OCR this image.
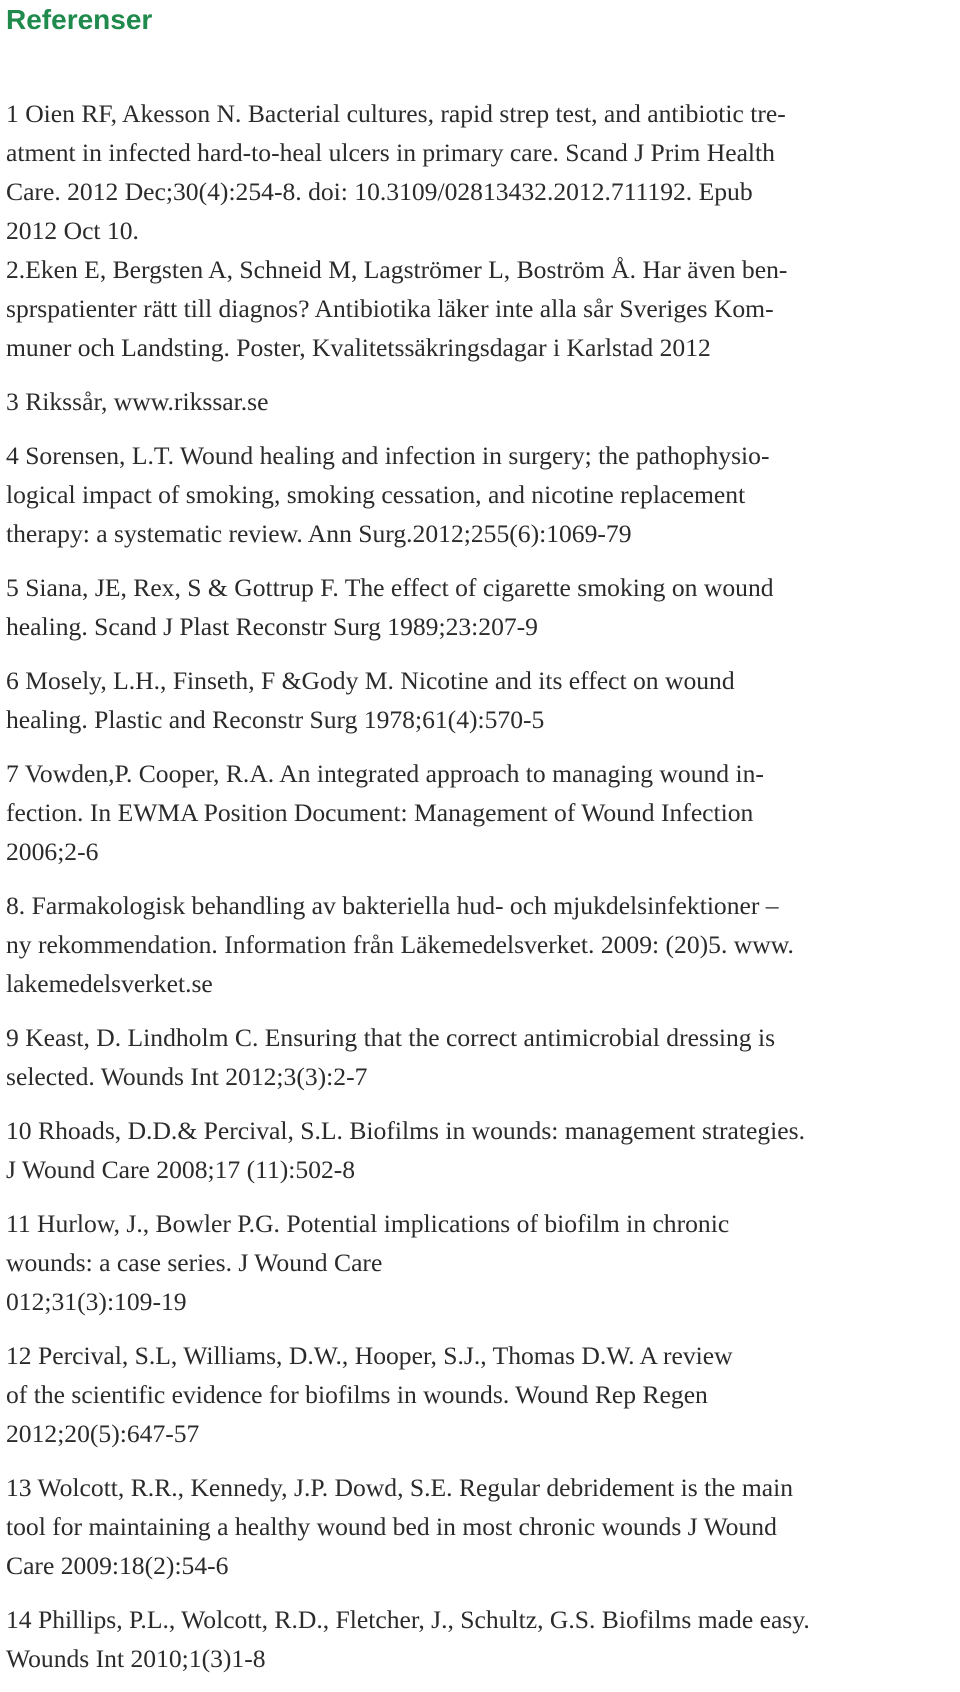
Referenser

1 Oien RF, Akesson N. Bacterial cultures, rapid strep test, and antibiotic tre-
atment in infected hard-to-heal ulcers in primary care. Scand J Prim Health
Care. 2012 Dec;30(4):254-8. doi: 10.3109/02813432.2012.711192. Epub
2012 Oct 10.
2.Eken E, Bergsten A, Schneid M, Lagströmer L, Boström Å. Har även ben-
sprspatienter rätt till diagnos? Antibiotika läker inte alla sår Sveriges Kom-
muner och Landsting. Poster, Kvalitetssäkringsdagar i Karlstad 2012

3 Rikssår, www.rikssar.se

4 Sorensen, L.T. Wound healing and infection in surgery; the pathophysio-
logical impact of smoking, smoking cessation, and nicotine replacement
therapy: a systematic review. Ann Surg.2012;255(6):1069-79

5 Siana, JE, Rex, S & Gottrup F. The effect of cigarette smoking on wound
healing. Scand J Plast Reconstr Surg 1989;23:207-9

6 Mosely, L.H., Finseth, F &Gody M. Nicotine and its effect on wound
healing. Plastic and Reconstr Surg 1978;61(4):570-5

7 Vowden,P. Cooper, R.A. An integrated approach to managing wound in-
fection. In EWMA Position Document: Management of Wound Infection
2006;2-6

8. Farmakologisk behandling av bakteriella hud- och mjukdelsinfektioner –
ny rekommendation. Information från Läkemedelsverket. 2009: (20)5. www.
lakemedelsverket.se

9 Keast, D. Lindholm C. Ensuring that the correct antimicrobial dressing is
selected. Wounds Int 2012;3(3):2-7

10 Rhoads, D.D.& Percival, S.L. Biofilms in wounds: management strategies.
J Wound Care 2008;17 (11):502-8

11 Hurlow, J., Bowler P.G. Potential implications of biofilm in chronic
wounds: a case series. J Wound Care
012;31(3):109-19

12 Percival, S.L, Williams, D.W., Hooper, S.J., Thomas D.W. A review
of the scientific evidence for biofilms in wounds. Wound Rep Regen
2012;20(5):647-57

13 Wolcott, R.R., Kennedy, J.P. Dowd, S.E. Regular debridement is the main
tool for maintaining a healthy wound bed in most chronic wounds J Wound
Care 2009:18(2):54-6

14 Phillips, P.L., Wolcott, R.D., Fletcher, J., Schultz, G.S. Biofilms made easy.
Wounds Int 2010;1(3)1-8
